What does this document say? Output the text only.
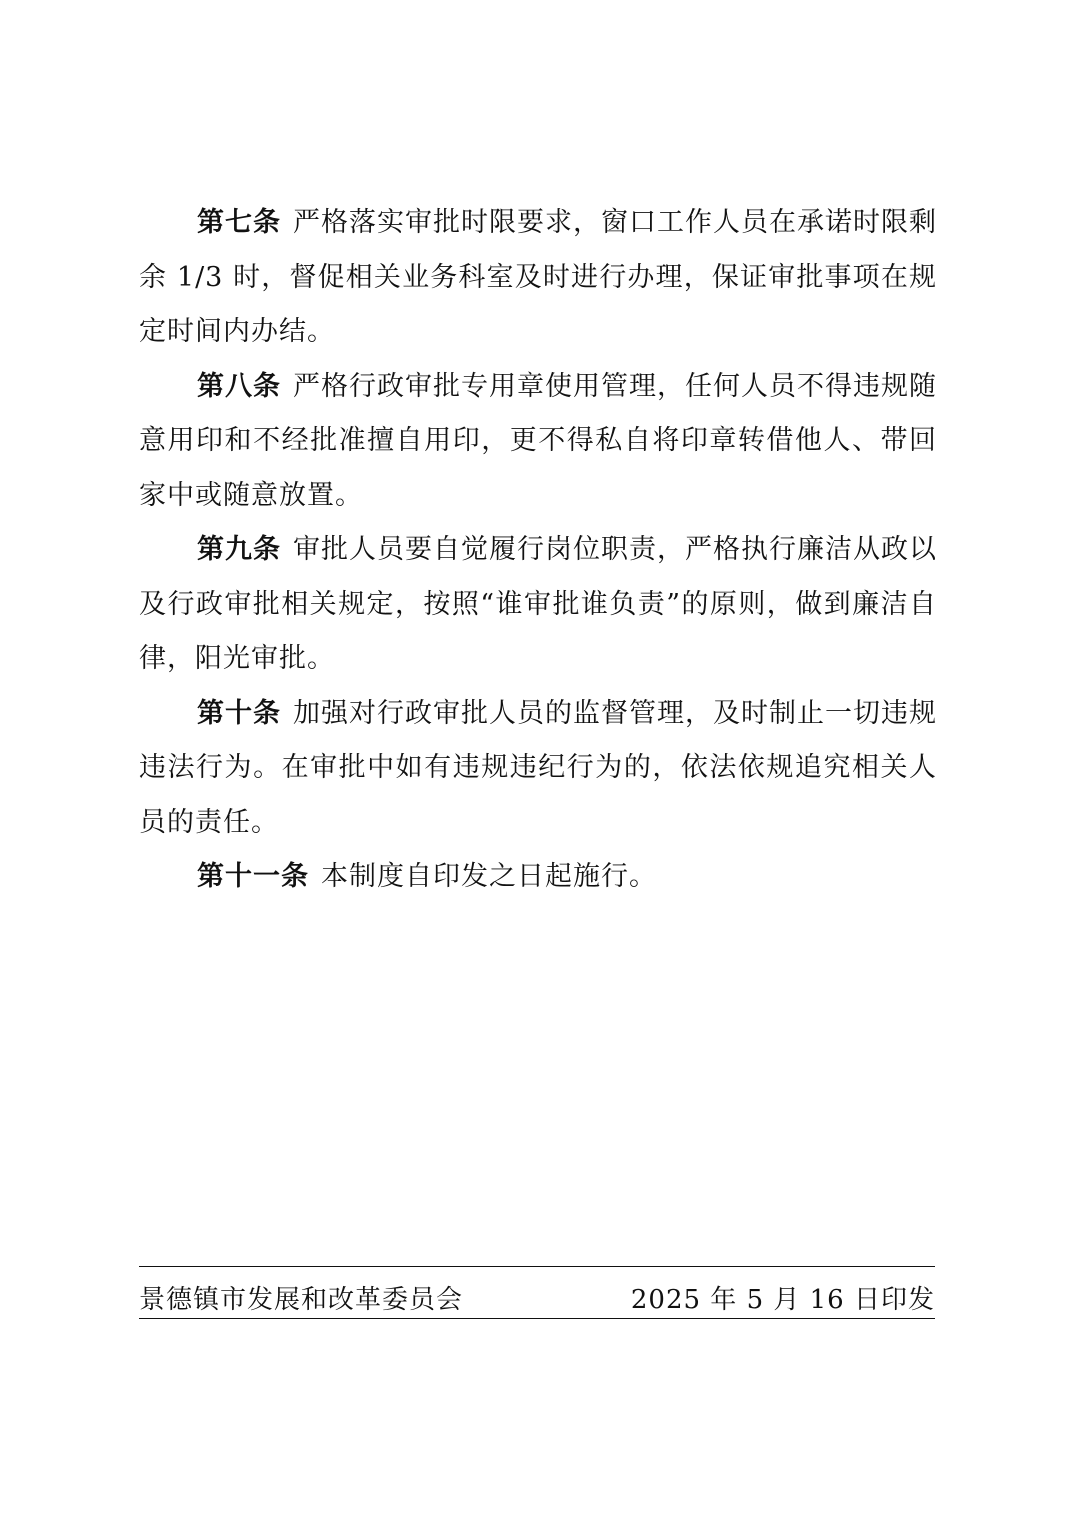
第七条 严格落实审批时限要求，窗口工作人员在承诺时限剩余 1/3 时，督促相关业务科室及时进行办理，保证审批事项在规定时间内办结。

第八条 严格行政审批专用章使用管理，任何人员不得违规随意用印和不经批准擅自用印，更不得私自将印章转借他人、带回家中或随意放置。

第九条 审批人员要自觉履行岗位职责，严格执行廉洁从政以及行政审批相关规定，按照“谁审批谁负责”的原则，做到廉洁自律，阳光审批。

第十条 加强对行政审批人员的监督管理，及时制止一切违规违法行为。在审批中如有违规违纪行为的，依法依规追究相关人员的责任。

第十一条 本制度自印发之日起施行。

景德镇市发展和改革委员会	2025 年 5 月 16 日印发
